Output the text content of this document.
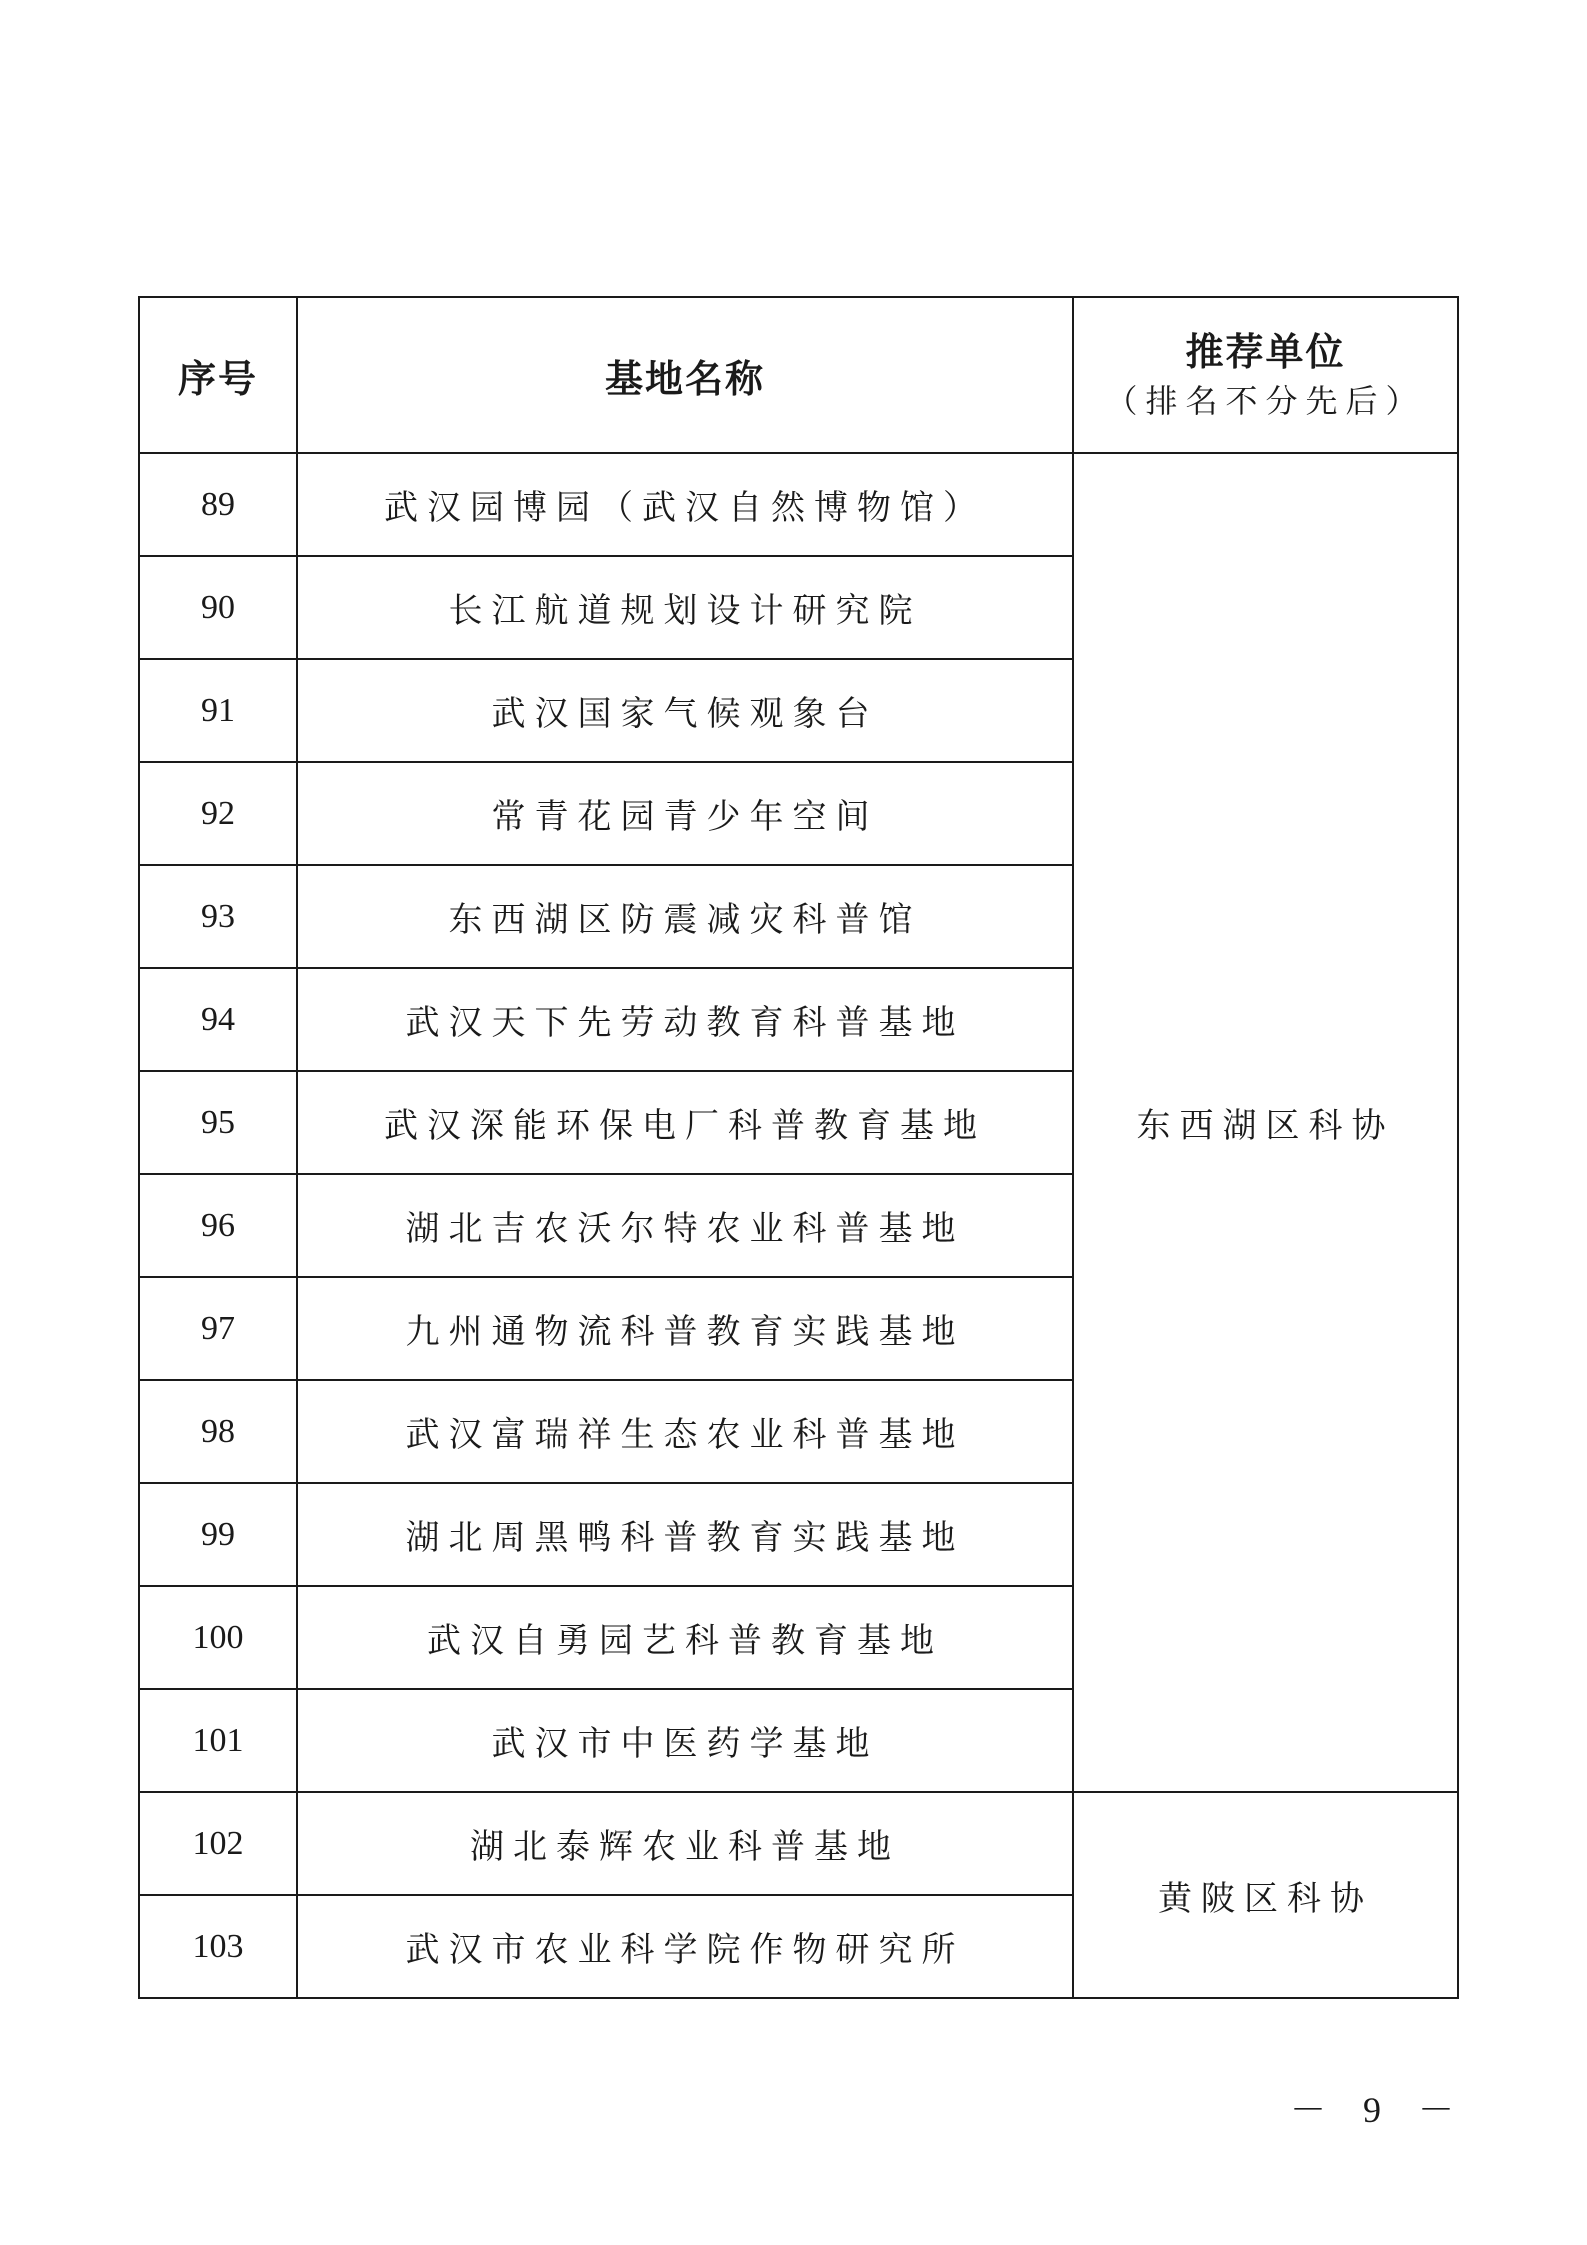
序号	基地名称	推荐单位
（排名不分先后）

89	武汉园博园（武汉自然博物馆）	东西湖区科协
90	长江航道规划设计研究院	
91	武汉国家气候观象台	
92	常青花园青少年空间	
93	东西湖区防震减灾科普馆	
94	武汉天下先劳动教育科普基地	
95	武汉深能环保电厂科普教育基地	
96	湖北吉农沃尔特农业科普基地	
97	九州通物流科普教育实践基地	
98	武汉富瑞祥生态农业科普基地	
99	湖北周黑鸭科普教育实践基地	
100	武汉自勇园艺科普教育基地	
101	武汉市中医药学基地	
102	湖北泰辉农业科普基地	黄陂区科协
103	武汉市农业科学院作物研究所	
－ 9 －
